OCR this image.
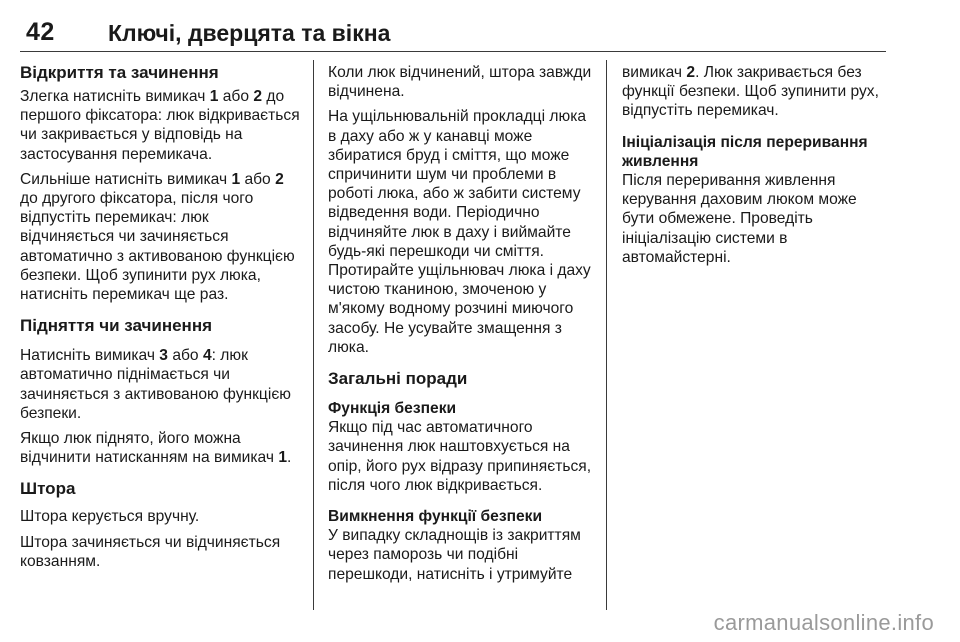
42 Ключі, дверцята та вікна

Відкриття та зачинення

Злегка натисніть вимикач 1 або 2 до першого фіксатора: люк відкривається чи закривається у відповідь на застосування перемикача.

Сильніше натисніть вимикач 1 або 2 до другого фіксатора, після чого відпустіть перемикач: люк відчиняється чи зачиняється автоматично з активованою функцією безпеки. Щоб зупинити рух люка, натисніть перемикач ще раз.

Підняття чи зачинення

Натисніть вимикач 3 або 4: люк автоматично піднімається чи зачиняється з активованою функцією безпеки.

Якщо люк піднято, його можна відчинити натисканням на вимикач 1.

Штора

Штора керується вручну.

Штора зачиняється чи відчиняється ковзанням.

Коли люк відчинений, штора завжди відчинена.

На ущільнювальній прокладці люка в даху або ж у канавці може збиратися бруд і сміття, що може спричинити шум чи проблеми в роботі люка, або ж забити систему відведення води. Періодично відчиняйте люк в даху і виймайте будь-які перешкоди чи сміття. Протирайте ущільнювач люка і даху чистою тканиною, змоченою у м'якому водному розчині миючого засобу. Не усувайте змащення з люка.

Загальні поради

Функція безпеки

Якщо під час автоматичного зачинення люк наштовхується на опір, його рух відразу припиняється, після чого люк відкривається.

Вимкнення функції безпеки

У випадку складнощів із закриттям через паморозь чи подібні перешкоди, натисніть і утримуйте

вимикач 2. Люк закривається без функції безпеки. Щоб зупинити рух, відпустіть перемикач.

Ініціалізація після переривання живлення

Після переривання живлення керування даховим люком може бути обмежене. Проведіть ініціалізацію системи в автомайстерні.

carmanualsonline.info
